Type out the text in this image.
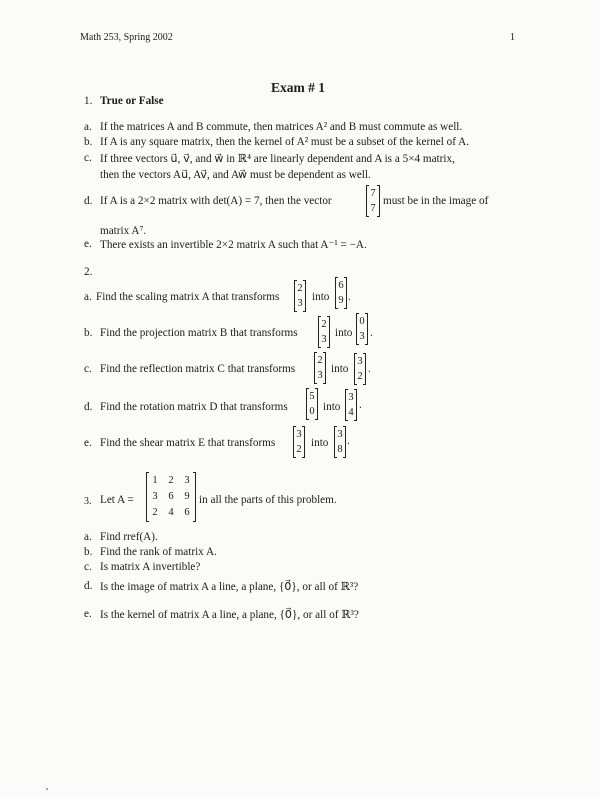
Math 253, Spring 2002	1
Exam # 1
1. True or False
a. If the matrices A and B commute, then matrices A² and B must commute as well.
b. If A is any square matrix, then the kernel of A² must be a subset of the kernel of A.
c. If three vectors u⃗, v⃗, and w⃗ in ℝ⁴ are linearly dependent and A is a 5×4 matrix,
then the vectors Au⃗, Av⃗, and Aw⃗ must be dependent as well.
d. If A is a 2×2 matrix with det(A) = 7, then the vector
7
7
must be in the image of
matrix A⁷.
e. There exists an invertible 2×2 matrix A such that A⁻¹ = −A.
2.
a. Find the scaling matrix A that transforms
2
3
into
6
9 .
b. Find the projection matrix B that transforms
2
3
into
0
3 .
c. Find the reflection matrix C that transforms
2
3
into
3
2
.
d. Find the rotation matrix D that transforms
5
0 into
3
4
.
e. Find the shear matrix E that transforms
3
2
into
3
8
.
3. Let A =
1	2	3
3	6	9
2	4	6
in all the parts of this problem.
a. Find rref(A).
b. Find the rank of matrix A.
c. Is matrix A invertible?
d. Is the image of matrix A a line, a plane, {0⃗}, or all of ℝ³?
e. Is the kernel of matrix A a line, a plane, {0⃗}, or all of ℝ³?
